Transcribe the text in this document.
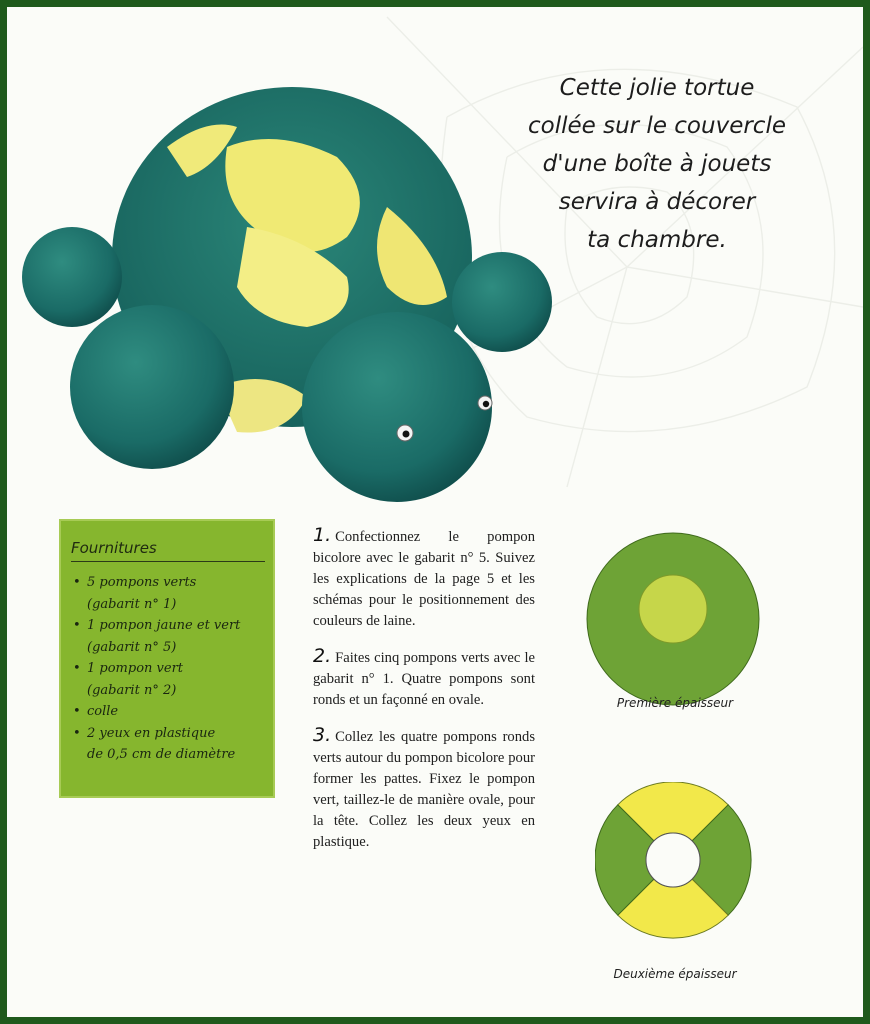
Cette jolie tortue
collée sur le couvercle
d'une boîte à jouets
servira à décorer
ta chambre.
Fournitures
• 5 pompons verts
(gabarit n° 1)
• 1 pompon jaune et vert
(gabarit n° 5)
• 1 pompon vert
(gabarit n° 2)
• colle
• 2 yeux en plastique
de 0,5 cm de diamètre

1. Confectionnez le pompon bicolore avec le gabarit n° 5. Suivez les explications de la page 5 et les schémas pour le positionnement des couleurs de laine.

2. Faites cinq pompons verts avec le gabarit n° 1. Quatre pompons sont ronds et un façonné en ovale.

3. Collez les quatre pompons ronds verts autour du pompon bicolore pour former les pattes. Fixez le pompon vert, taillez-le de manière ovale, pour la tête. Collez les deux yeux en plastique.

Première épaisseur
Deuxième épaisseur
